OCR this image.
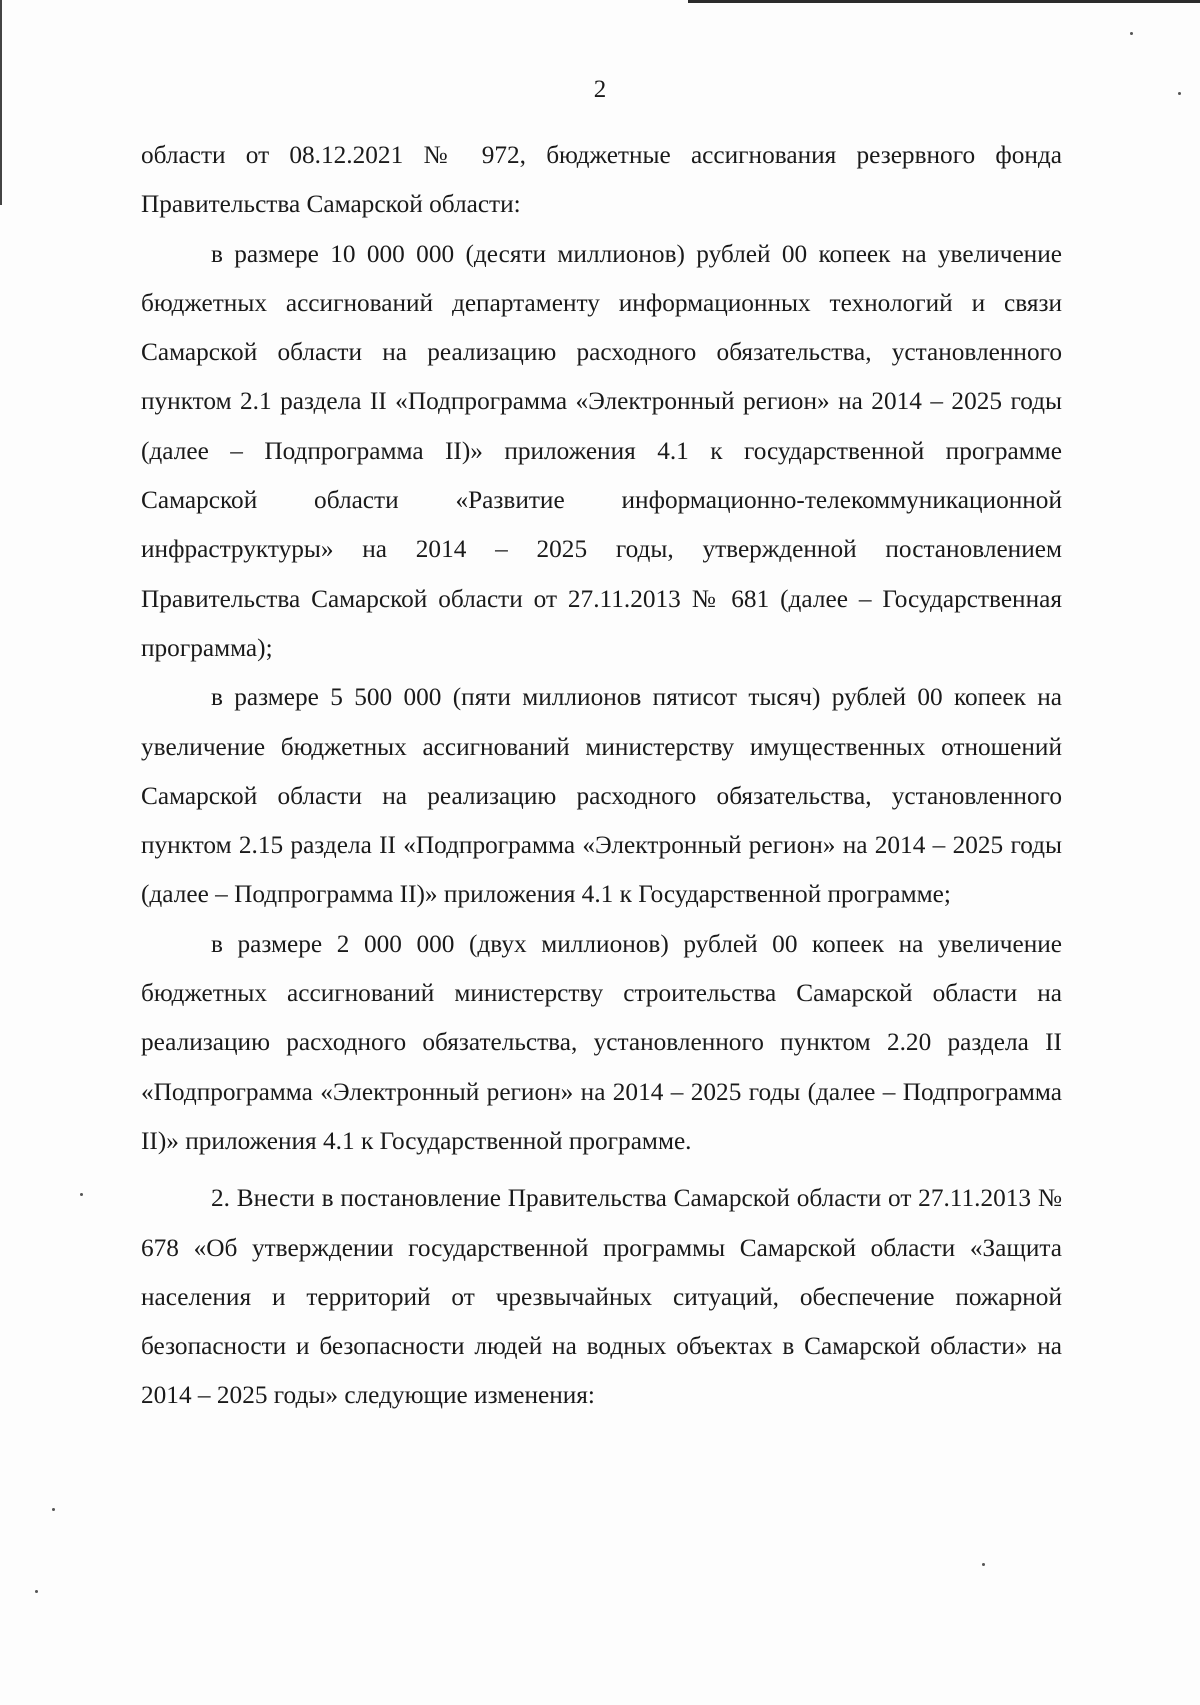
2

области от 08.12.2021 № 972, бюджетные ассигнования резервного фонда Правительства Самарской области:

в размере 10 000 000 (десяти миллионов) рублей 00 копеек на увеличение бюджетных ассигнований департаменту информационных технологий и связи Самарской области на реализацию расходного обязательства, установленного пунктом 2.1 раздела II «Подпрограмма «Электронный регион» на 2014 – 2025 годы (далее – Подпрограмма II)» приложения 4.1 к государственной программе Самарской области «Развитие информационно-телекоммуникационной инфраструктуры» на 2014 – 2025 годы, утвержденной постановлением Правительства Самарской области от 27.11.2013 № 681 (далее – Государственная программа);

в размере 5 500 000 (пяти миллионов пятисот тысяч) рублей 00 копеек на увеличение бюджетных ассигнований министерству имущественных отношений Самарской области на реализацию расходного обязательства, установленного пунктом 2.15 раздела II «Подпрограмма «Электронный регион» на 2014 – 2025 годы (далее – Подпрограмма II)» приложения 4.1 к Государственной программе;

в размере 2 000 000 (двух миллионов) рублей 00 копеек на увеличение бюджетных ассигнований министерству строительства Самарской области на реализацию расходного обязательства, установленного пунктом 2.20 раздела II «Подпрограмма «Электронный регион» на 2014 – 2025 годы (далее – Подпрограмма II)» приложения 4.1 к Государственной программе.

2. Внести в постановление Правительства Самарской области от 27.11.2013 № 678 «Об утверждении государственной программы Самарской области «Защита населения и территорий от чрезвычайных ситуаций, обеспечение пожарной безопасности и безопасности людей на водных объектах в Самарской области» на 2014 – 2025 годы» следующие изменения:
